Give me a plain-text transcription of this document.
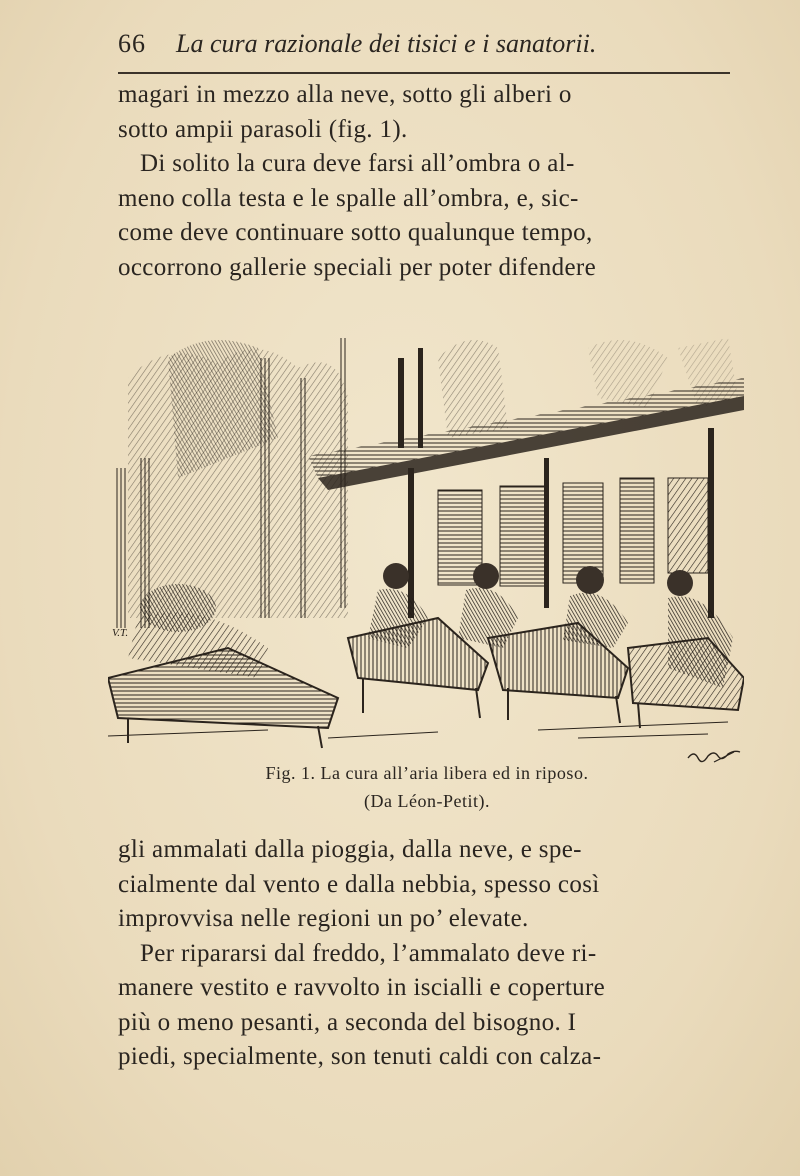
66 La cura razionale dei tisici e i sanatorii.
magari in mezzo alla neve, sotto gli alberi o
sotto ampii parasoli (fig. 1).
Di solito la cura deve farsi all’ombra o al-
meno colla testa e le spalle all’ombra, e, sic-
come deve continuare sotto qualunque tempo,
occorrono gallerie speciali per poter difendere
V.T.
Fig. 1. La cura all’aria libera ed in riposo.
(Da Léon-Petit).
gli ammalati dalla pioggia, dalla neve, e spe-
cialmente dal vento e dalla nebbia, spesso così
improvvisa nelle regioni un po’ elevate.
Per ripararsi dal freddo, l’ammalato deve ri-
manere vestito e ravvolto in iscialli e coperture
più o meno pesanti, a seconda del bisogno. I
piedi, specialmente, son tenuti caldi con calza-
